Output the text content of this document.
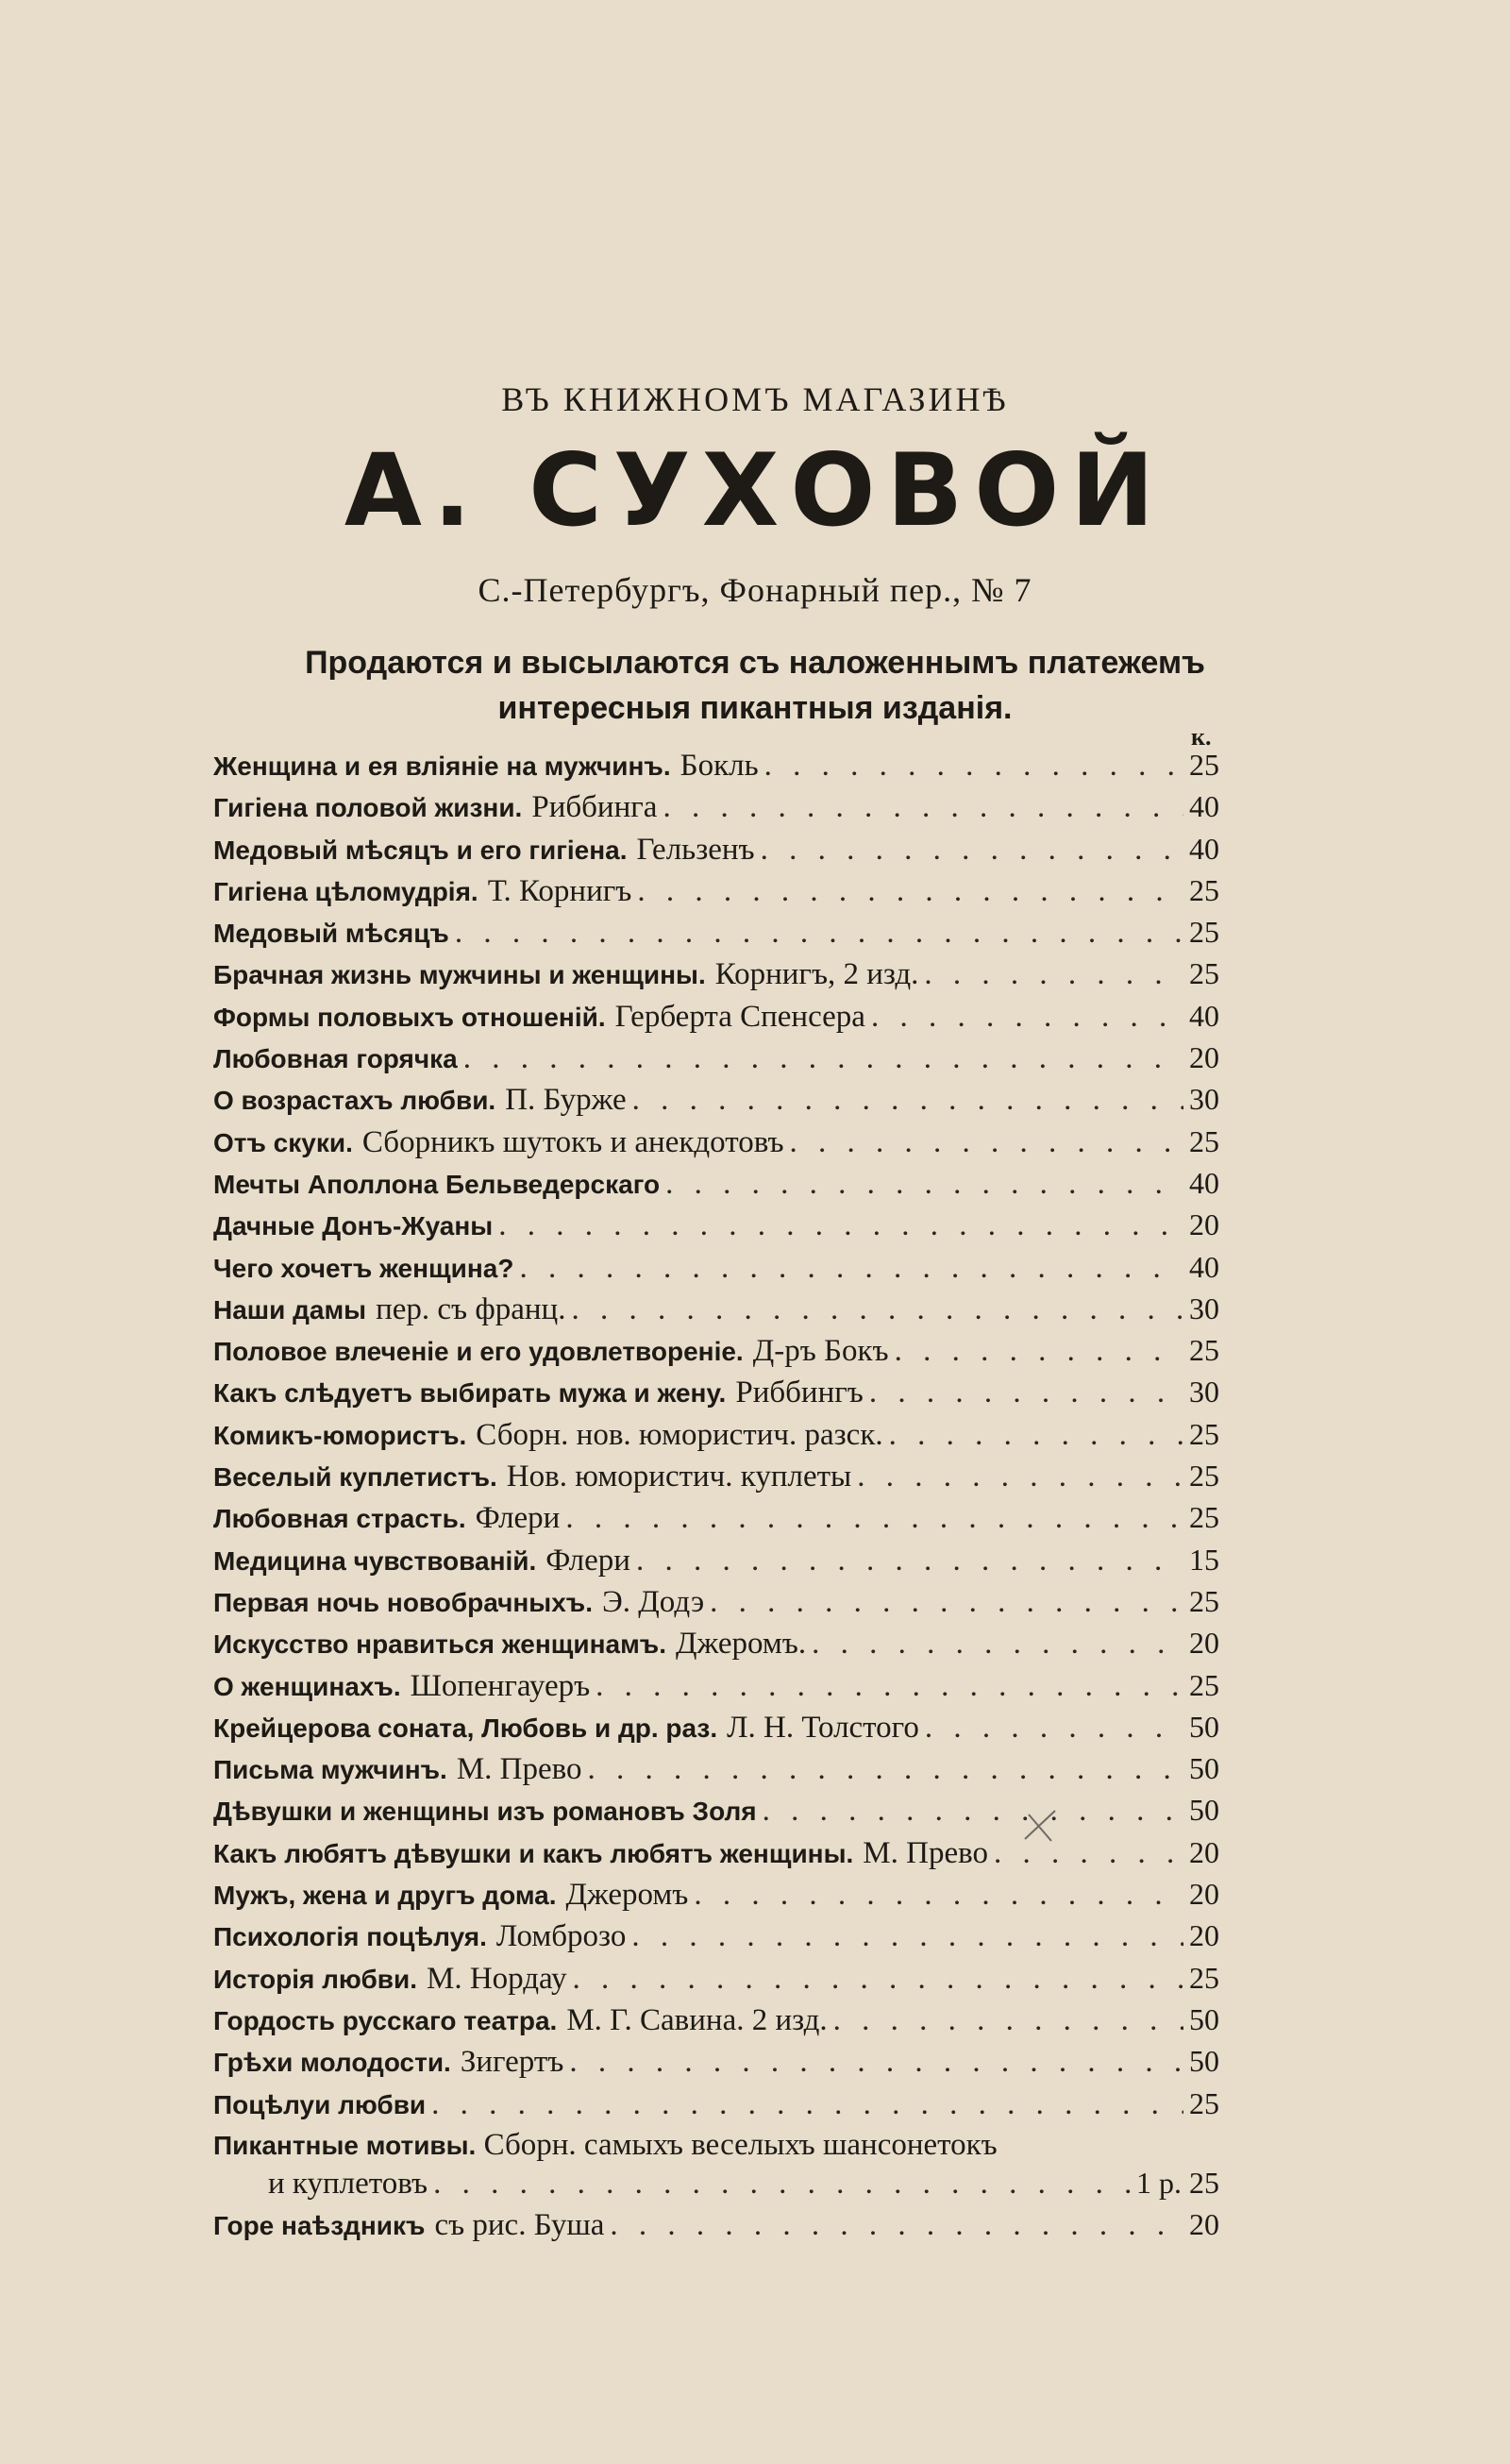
ВЪ КНИЖНОМЪ МАГАЗИНѢ
А. СУХОВОЙ
С.-Петербургъ, Фонарный пер., № 7
Продаются и высылаются съ наложеннымъ платежемъ
интересныя пикантныя изданія.
к.
Женщина и ея вліяніе на мужчинъ. Бокль . . .	25
Гигіена половой жизни. Риббинга . . .	40
Медовый мѣсяцъ и его гигіена. Гельзенъ . . .	40
Гигіена цѣломудрія. Т. Корнигъ . . .	25
Медовый мѣсяцъ . . .	25
Брачная жизнь мужчины и женщины. Корнигъ, 2 изд. . . .	25
Формы половыхъ отношеній. Герберта Спенсера . . .	40
Любовная горячка . . .	20
О возрастахъ любви. П. Бурже . . .	30
Отъ скуки. Сборникъ шутокъ и анекдотовъ . . .	25
Мечты Аполлона Бельведерскаго . . .	40
Дачные Донъ-Жуаны . . .	20
Чего хочетъ женщина? . . .	40
Наши дамы пер. съ франц. . . .	30
Половое влеченіе и его удовлетвореніе. Д-ръ Бокъ . . .	25
Какъ слѣдуетъ выбирать мужа и жену. Риббингъ . . .	30
Комикъ-юмористъ. Сборн. нов. юмористич. разск. . . .	25
Веселый куплетистъ. Нов. юмористич. куплеты . . .	25
Любовная страсть. Флери . . .	25
Медицина чувствованій. Флери . . .	15
Первая ночь новобрачныхъ. Э. Додэ . . .	25
Искусство нравиться женщинамъ. Джеромъ. . . .	20
О женщинахъ. Шопенгауеръ . . .	25
Крейцерова соната, Любовь и др. раз. Л. Н. Толстого . . .	50
Письма мужчинъ. М. Прево . . .	50
Дѣвушки и женщины изъ романовъ Золя . . .	50
Какъ любятъ дѣвушки и какъ любятъ женщины. М. Прево . . .	20
Мужъ, жена и другъ дома. Джеромъ . . .	20
Психологія поцѣлуя. Ломброзо . . .	20
Исторія любви. М. Нордау . . .	25
Гордость русскаго театра. М. Г. Савина. 2 изд. . . .	50
Грѣхи молодости. Зигертъ . . .	50
Поцѣлуи любви . . .	25
Пикантные мотивы. Сборн. самыхъ веселыхъ шансонетокъ
и куплетовъ . . .	1 р. 25
Горе наѣздникъ съ рис. Буша . . .	20
